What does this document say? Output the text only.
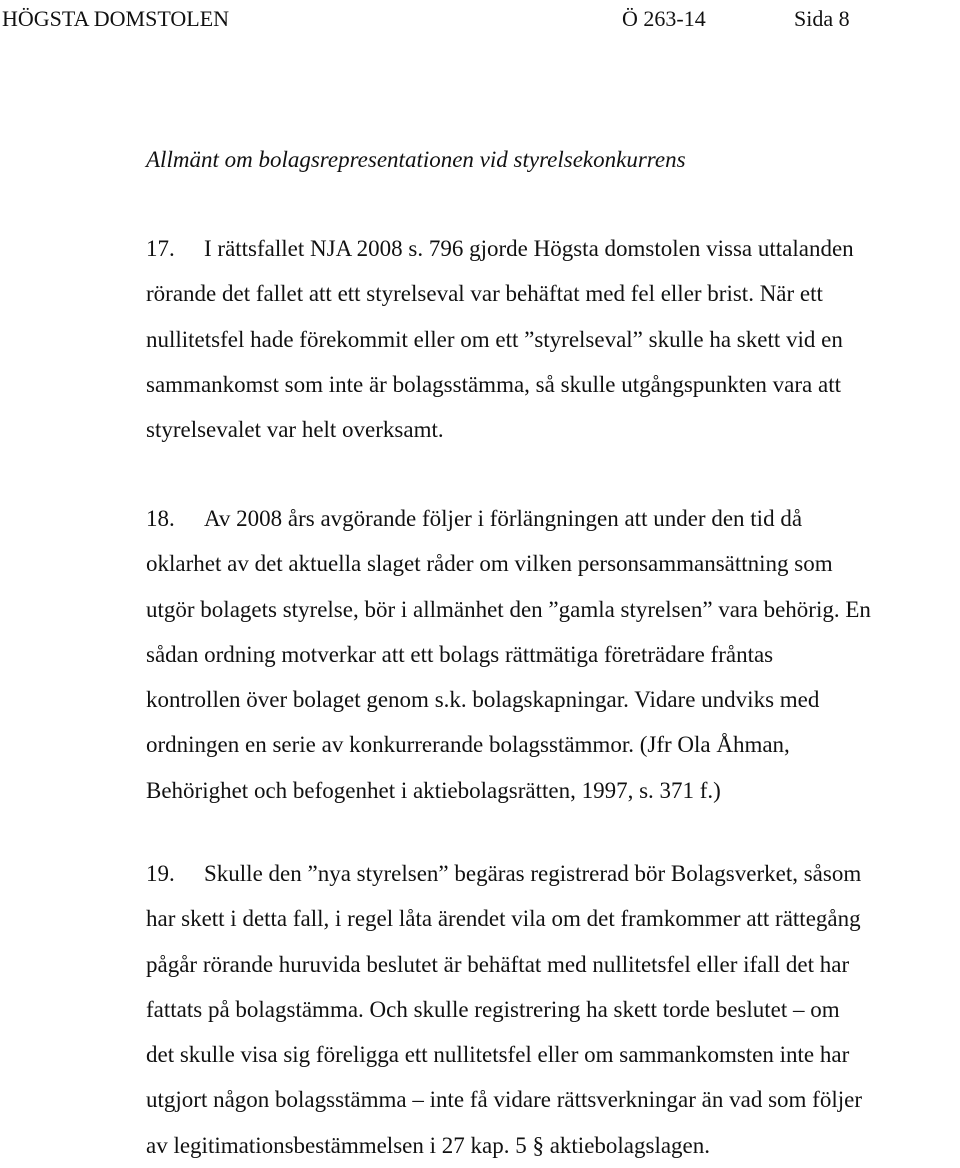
HÖGSTA DOMSTOLEN	Ö 263-14	Sida 8
Allmänt om bolagsrepresentationen vid styrelsekonkurrens
17. I rättsfallet NJA 2008 s. 796 gjorde Högsta domstolen vissa uttalanden
rörande det fallet att ett styrelseval var behäftat med fel eller brist. När ett
nullitetsfel hade förekommit eller om ett ”styrelseval” skulle ha skett vid en
sammankomst som inte är bolagsstämma, så skulle utgångspunkten vara att
styrelsevalet var helt overksamt.
18. Av 2008 års avgörande följer i förlängningen att under den tid då
oklarhet av det aktuella slaget råder om vilken personsammansättning som
utgör bolagets styrelse, bör i allmänhet den ”gamla styrelsen” vara behörig. En
sådan ordning motverkar att ett bolags rättmätiga företrädare fråntas
kontrollen över bolaget genom s.k. bolagskapningar. Vidare undviks med
ordningen en serie av konkurrerande bolagsstämmor. (Jfr Ola Åhman,
Behörighet och befogenhet i aktiebolagsrätten, 1997, s. 371 f.)
19. Skulle den ”nya styrelsen” begäras registrerad bör Bolagsverket, såsom
har skett i detta fall, i regel låta ärendet vila om det framkommer att rättegång
pågår rörande huruvida beslutet är behäftat med nullitetsfel eller ifall det har
fattats på bolagstämma. Och skulle registrering ha skett torde beslutet – om
det skulle visa sig föreligga ett nullitetsfel eller om sammankomsten inte har
utgjort någon bolagsstämma – inte få vidare rättsverkningar än vad som följer
av legitimationsbestämmelsen i 27 kap. 5 § aktiebolagslagen.
